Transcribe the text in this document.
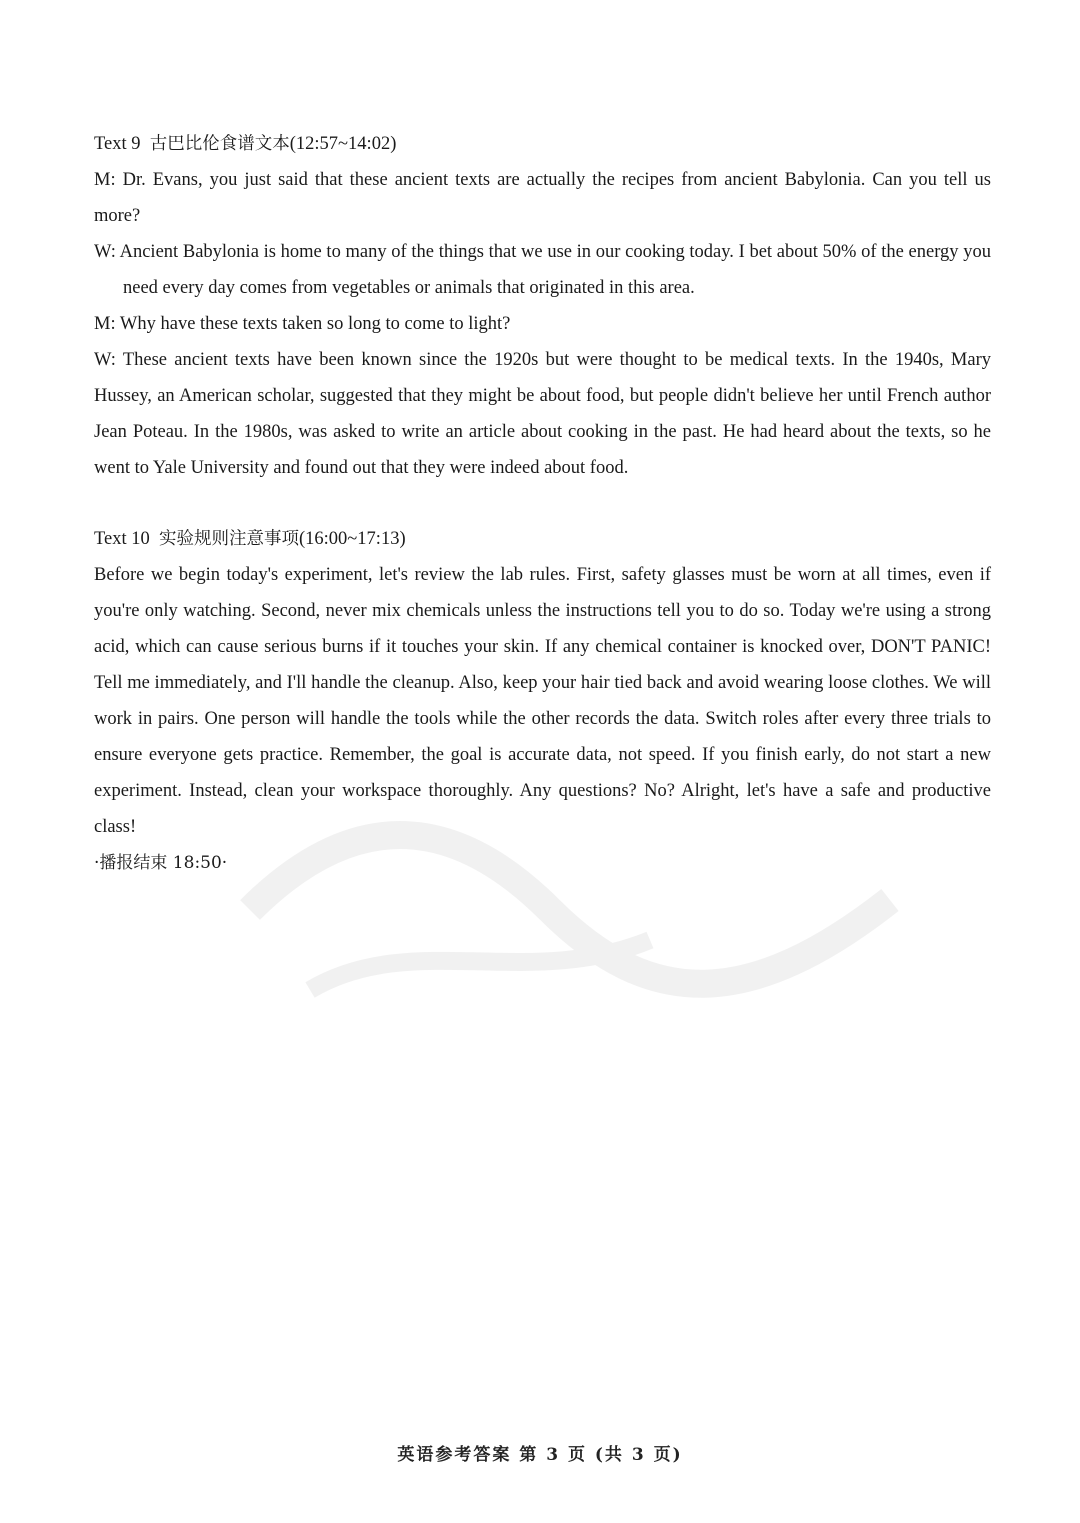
Text 9 古巴比伦食谱文本(12:57~14:02)

M: Dr. Evans, you just said that these ancient texts are actually the recipes from ancient Babylonia. Can you tell us more?

W: Ancient Babylonia is home to many of the things that we use in our cooking today. I bet about 50% of the energy you need every day comes from vegetables or animals that originated in this area.

M: Why have these texts taken so long to come to light?

W: These ancient texts have been known since the 1920s but were thought to be medical texts. In the 1940s, Mary Hussey, an American scholar, suggested that they might be about food, but people didn't believe her until French author Jean Poteau. In the 1980s, was asked to write an article about cooking in the past. He had heard about the texts, so he went to Yale University and found out that they were indeed about food.

Text 10 实验规则注意事项(16:00~17:13)

Before we begin today's experiment, let's review the lab rules. First, safety glasses must be worn at all times, even if you're only watching. Second, never mix chemicals unless the instructions tell you to do so. Today we're using a strong acid, which can cause serious burns if it touches your skin. If any chemical container is knocked over, DON'T PANIC! Tell me immediately, and I'll handle the cleanup. Also, keep your hair tied back and avoid wearing loose clothes. We will work in pairs. One person will handle the tools while the other records the data. Switch roles after every three trials to ensure everyone gets practice. Remember, the goal is accurate data, not speed. If you finish early, do not start a new experiment. Instead, clean your workspace thoroughly. Any questions? No? Alright, let's have a safe and productive class!

·播报结束 18:50·

英语参考答案 第 3 页 (共 3 页)
